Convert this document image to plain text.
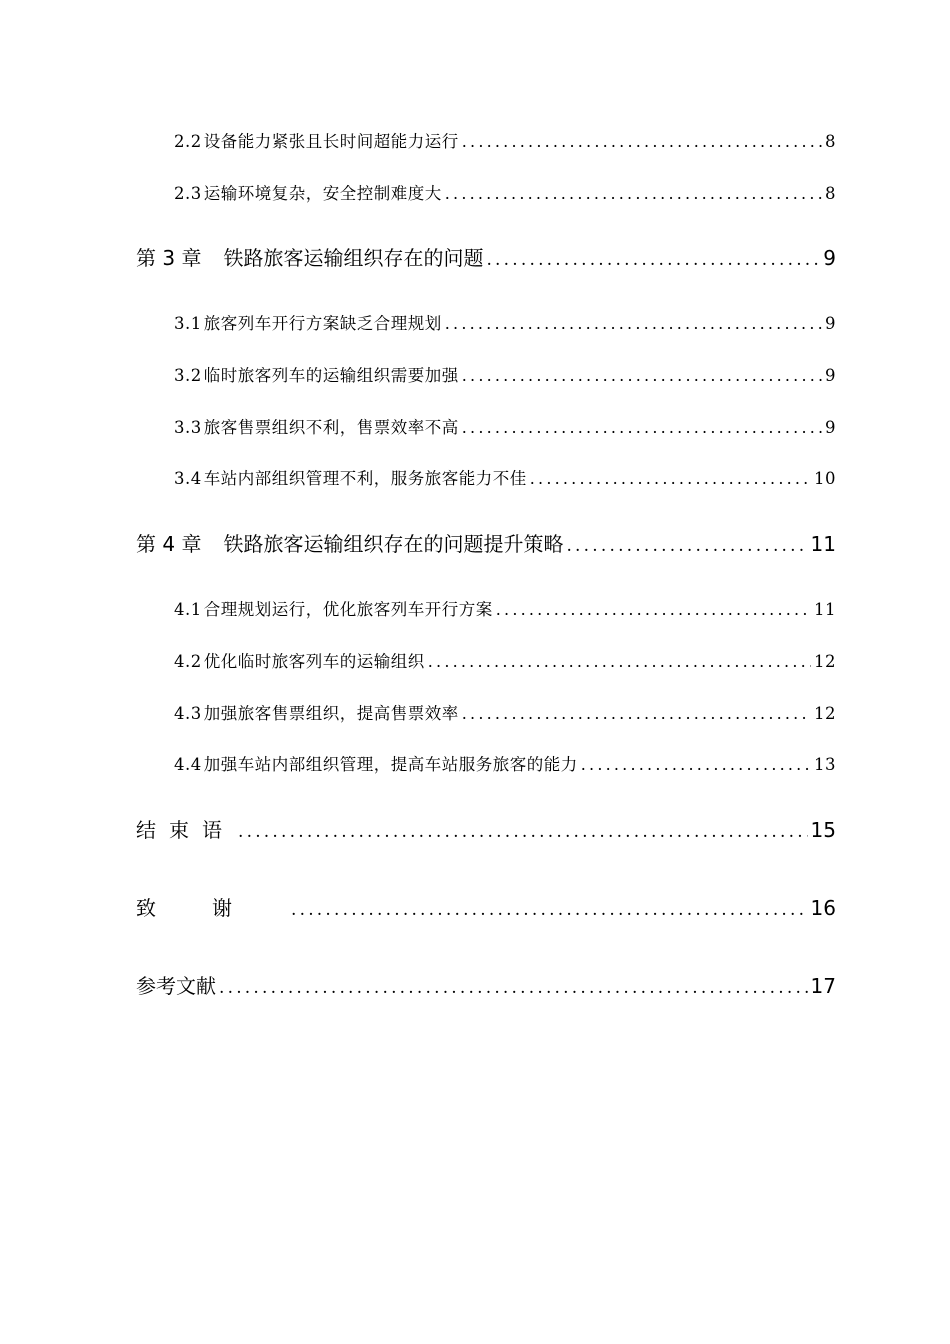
2.2 设备能力紧张且长时间超能力运行 .....	8
2.3 运输环境复杂，安全控制难度大 .....	8
第 3 章 铁路旅客运输组织存在的问题 .....	9
3.1 旅客列车开行方案缺乏合理规划 .....	9
3.2 临时旅客列车的运输组织需要加强 .....	9
3.3 旅客售票组织不利，售票效率不高 .....	9
3.4 车站内部组织管理不利，服务旅客能力不佳 .....	10
第 4 章 铁路旅客运输组织存在的问题提升策略 .....	11
4.1 合理规划运行，优化旅客列车开行方案 .....	11
4.2 优化临时旅客列车的运输组织 .....	12
4.3 加强旅客售票组织，提高售票效率 .....	12
4.4 加强车站内部组织管理，提高车站服务旅客的能力 .....	13
结束语 .....	15
致谢 .....	16
参考文献 .....	17
